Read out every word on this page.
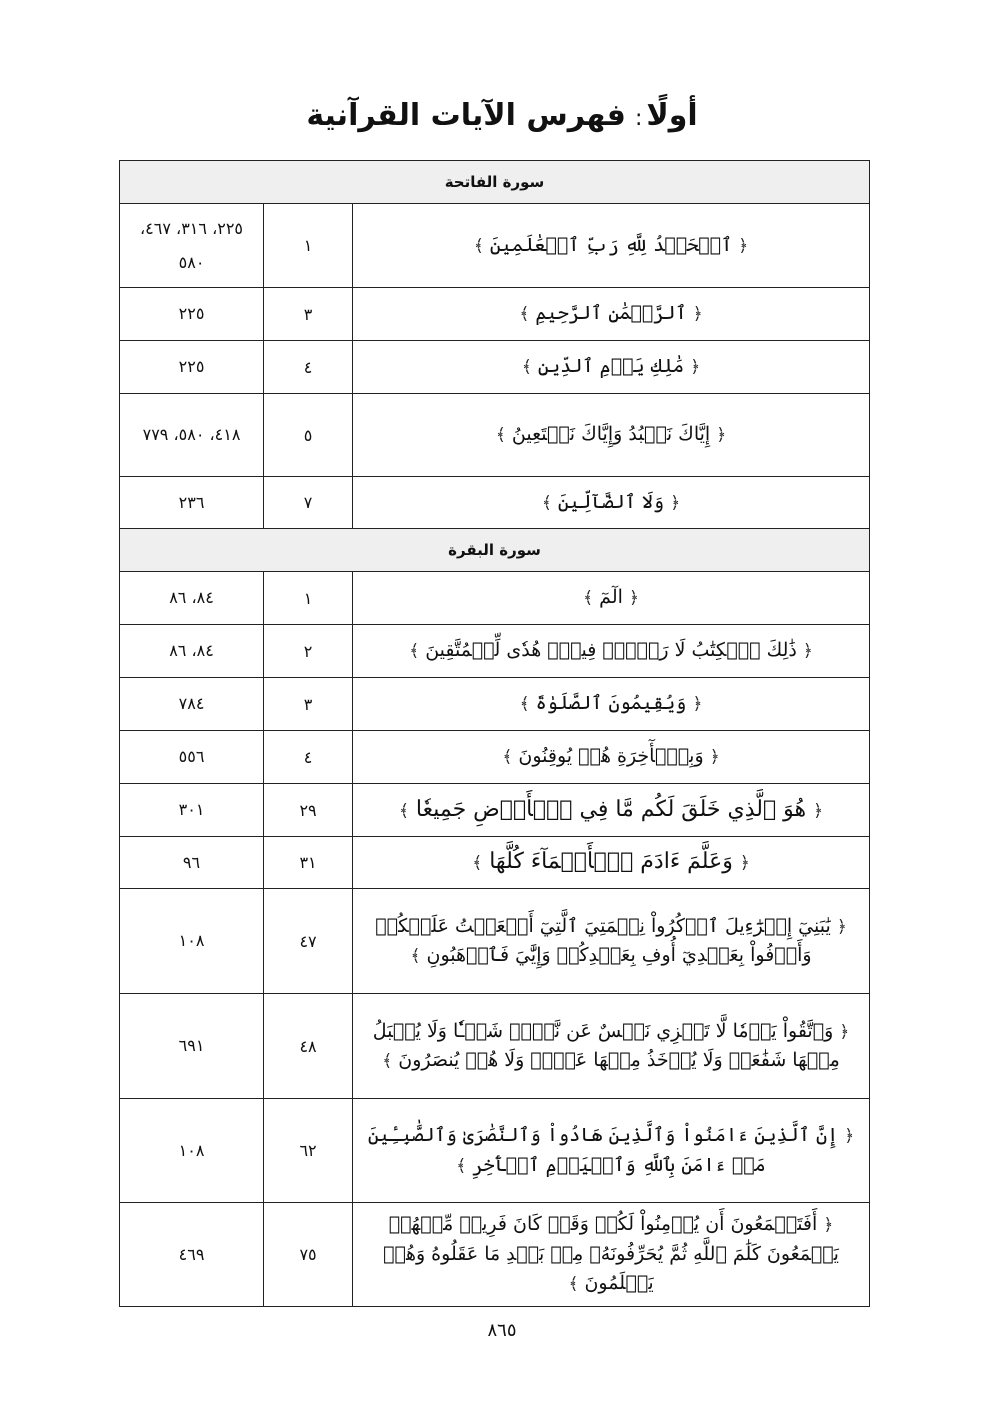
أولًا: فهرس الآيات القرآنية
سورة الفاتحة		
﴿ ٱلۡحَمۡدُ لِلَّهِ رَبِّ ٱلۡعَٰلَمِينَ ﴾	١	٢٢٥، ٣١٦، ٤٦٧، ٥٨٠
﴿ ٱلرَّحۡمَٰنِ ٱلرَّحِيمِ ﴾	٣	٢٢٥
﴿ مَٰلِكِ يَوۡمِ ٱلدِّينِ ﴾	٤	٢٢٥
﴿ إِيَّاكَ نَعۡبُدُ وَإِيَّاكَ نَسۡتَعِينُ ﴾	٥	٤١٨، ٥٨٠، ٧٧٩
﴿ وَلَا ٱلضَّآلِّينَ ﴾	٧	٢٣٦
سورة البقرة		
﴿ الٓمٓ ﴾	١	٨٤، ٨٦
﴿ ذَٰلِكَ ٱلۡكِتَٰبُ لَا رَيۡبَۛ فِيهِۛ هُدٗى لِّلۡمُتَّقِينَ ﴾	٢	٨٤، ٨٦
﴿ وَيُقِيمُونَ ٱلصَّلَوٰةَ ﴾	٣	٧٨٤
﴿ وَبِٱلۡأٓخِرَةِ هُمۡ يُوقِنُونَ ﴾	٤	٥٥٦
﴿ هُوَ ٱلَّذِي خَلَقَ لَكُم مَّا فِي ٱلۡأَرۡضِ جَمِيعٗا ﴾	٢٩	٣٠١
﴿ وَعَلَّمَ ءَادَمَ ٱلۡأَسۡمَآءَ كُلَّهَا ﴾	٣١	٩٦
﴿ يَٰبَنِيٓ إِسۡرَٰٓءِيلَ ٱذۡكُرُواْ نِعۡمَتِيَ ٱلَّتِيٓ أَنۡعَمۡتُ عَلَيۡكُمۡ وَأَوۡفُواْ بِعَهۡدِيٓ أُوفِ بِعَهۡدِكُمۡ وَإِيَّٰيَ فَٱرۡهَبُونِ ﴾	٤٧	١٠٨
﴿ وَٱتَّقُواْ يَوۡمٗا لَّا تَجۡزِي نَفۡسٌ عَن نَّفۡسٖ شَيۡـٔٗا وَلَا يُقۡبَلُ مِنۡهَا شَفَٰعَةٞ وَلَا يُؤۡخَذُ مِنۡهَا عَدۡلٞ وَلَا هُمۡ يُنصَرُونَ ﴾	٤٨	٦٩١
﴿ إِنَّ ٱلَّذِينَ ءَامَنُواْ وَٱلَّذِينَ هَادُواْ وَٱلنَّصَٰرَىٰ وَٱلصَّٰبِـِٔينَ مَنۡ ءَامَنَ بِٱللَّهِ وَٱلۡيَوۡمِ ٱلۡأٓخِرِ ﴾	٦٢	١٠٨
﴿ أَفَتَطۡمَعُونَ أَن يُؤۡمِنُواْ لَكُمۡ وَقَدۡ كَانَ فَرِيقٞ مِّنۡهُمۡ يَسۡمَعُونَ كَلَٰمَ ٱللَّهِ ثُمَّ يُحَرِّفُونَهُۥ مِنۢ بَعۡدِ مَا عَقَلُوهُ وَهُمۡ يَعۡلَمُونَ ﴾	٧٥	٤٦٩
٨٦٥
